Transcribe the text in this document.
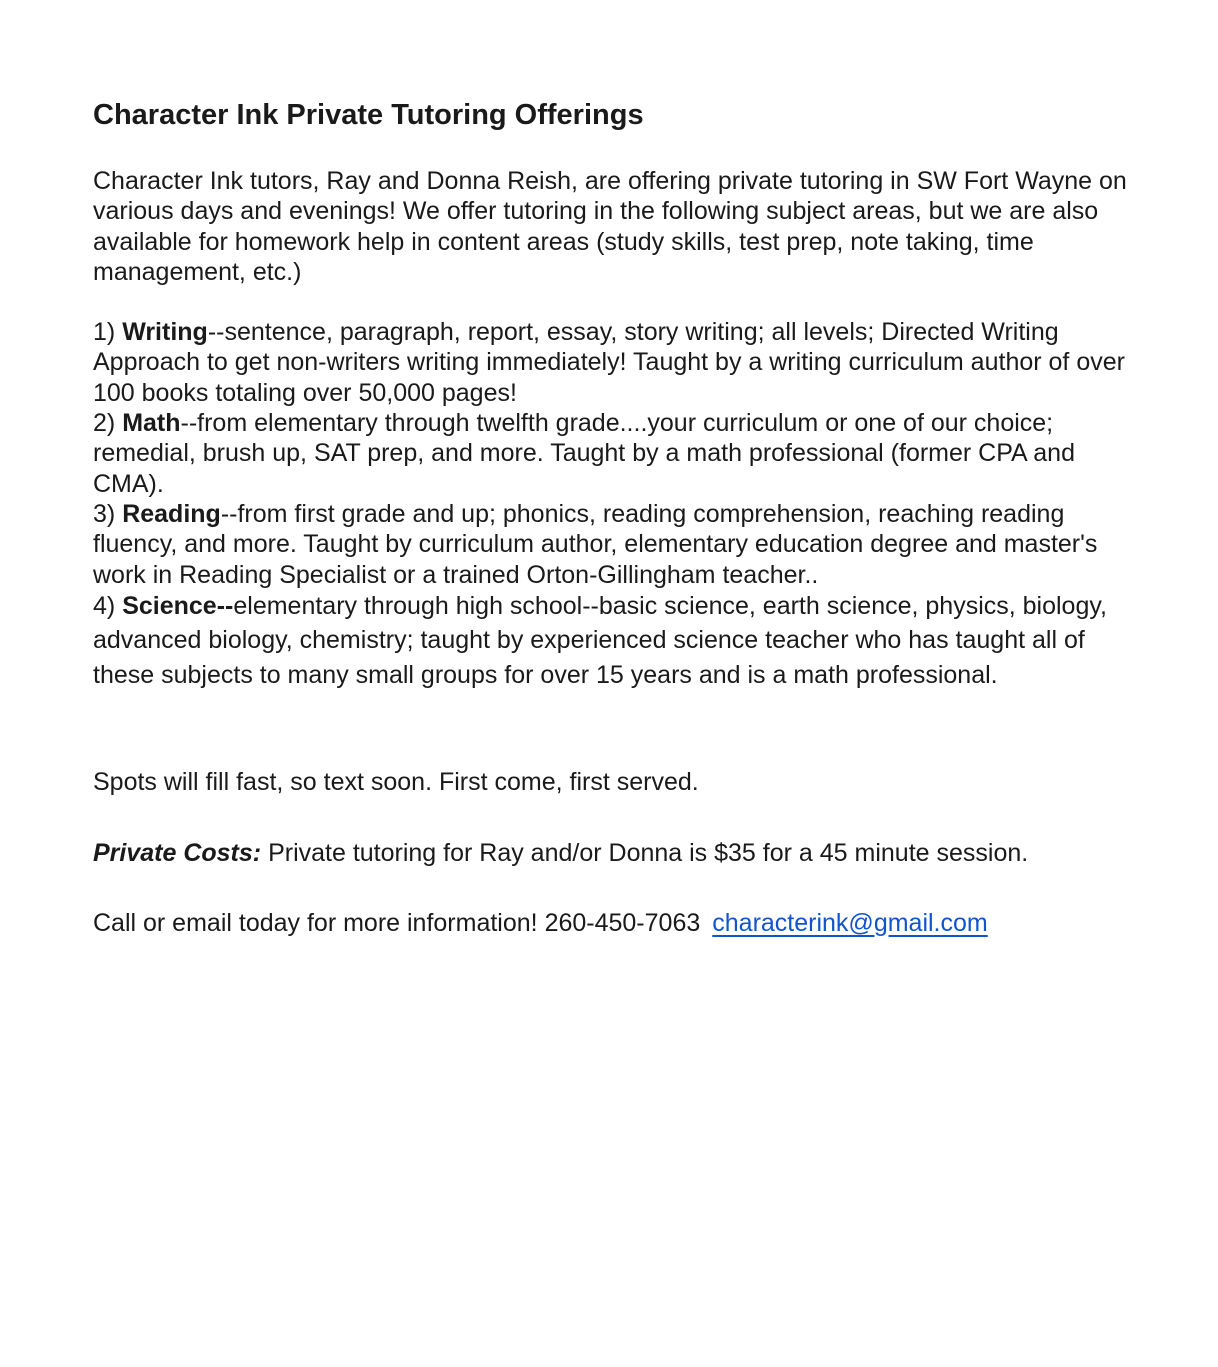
Character Ink Private Tutoring Offerings

Character Ink tutors, Ray and Donna Reish, are offering private tutoring in SW Fort Wayne on various days and evenings! We offer tutoring in the following subject areas, but we are also available for homework help in content areas (study skills, test prep, note taking, time management, etc.)

1) Writing--sentence, paragraph, report, essay, story writing; all levels; Directed Writing Approach to get non-writers writing immediately! Taught by a writing curriculum author of over 100 books totaling over 50,000 pages!

2) Math--from elementary through twelfth grade....your curriculum or one of our choice; remedial, brush up, SAT prep, and more. Taught by a math professional (former CPA and CMA).

3) Reading--from first grade and up; phonics, reading comprehension, reaching reading fluency, and more. Taught by curriculum author, elementary education degree and master's work in Reading Specialist or a trained Orton-Gillingham teacher..

4) Science--elementary through high school--basic science, earth science, physics, biology, advanced biology, chemistry; taught by experienced science teacher who has taught all of these subjects to many small groups for over 15 years and is a math professional.

Spots will fill fast, so text soon. First come, first served.

Private Costs: Private tutoring for Ray and/or Donna is $35 for a 45 minute session.

Call or email today for more information! 260-450-7063 characterink@gmail.com
